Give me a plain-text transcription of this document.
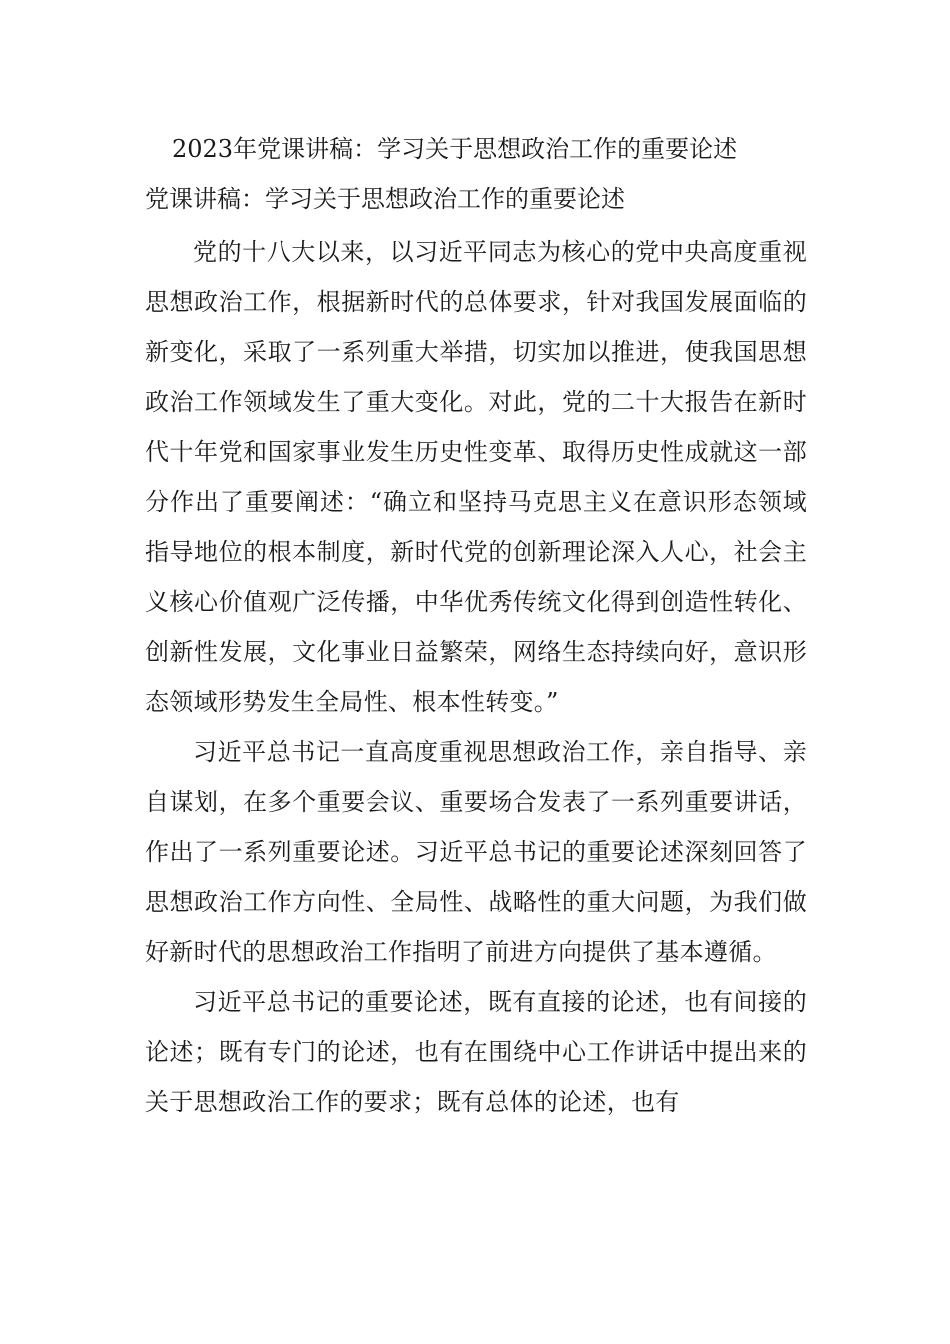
2023年党课讲稿：学习关于思想政治工作的重要论述
党课讲稿：学习关于思想政治工作的重要论述

党的十八大以来，以习近平同志为核心的党中央高度重视思想政治工作，根据新时代的总体要求，针对我国发展面临的新变化，采取了一系列重大举措，切实加以推进，使我国思想政治工作领域发生了重大变化。对此，党的二十大报告在新时代十年党和国家事业发生历史性变革、取得历史性成就这一部分作出了重要阐述：“确立和坚持马克思主义在意识形态领域指导地位的根本制度，新时代党的创新理论深入人心，社会主义核心价值观广泛传播，中华优秀传统文化得到创造性转化、创新性发展，文化事业日益繁荣，网络生态持续向好，意识形态领域形势发生全局性、根本性转变。”

习近平总书记一直高度重视思想政治工作，亲自指导、亲自谋划，在多个重要会议、重要场合发表了一系列重要讲话，作出了一系列重要论述。习近平总书记的重要论述深刻回答了思想政治工作方向性、全局性、战略性的重大问题，为我们做好新时代的思想政治工作指明了前进方向提供了基本遵循。

习近平总书记的重要论述，既有直接的论述，也有间接的论述；既有专门的论述，也有在围绕中心工作讲话中提出来的关于思想政治工作的要求；既有总体的论述，也有
